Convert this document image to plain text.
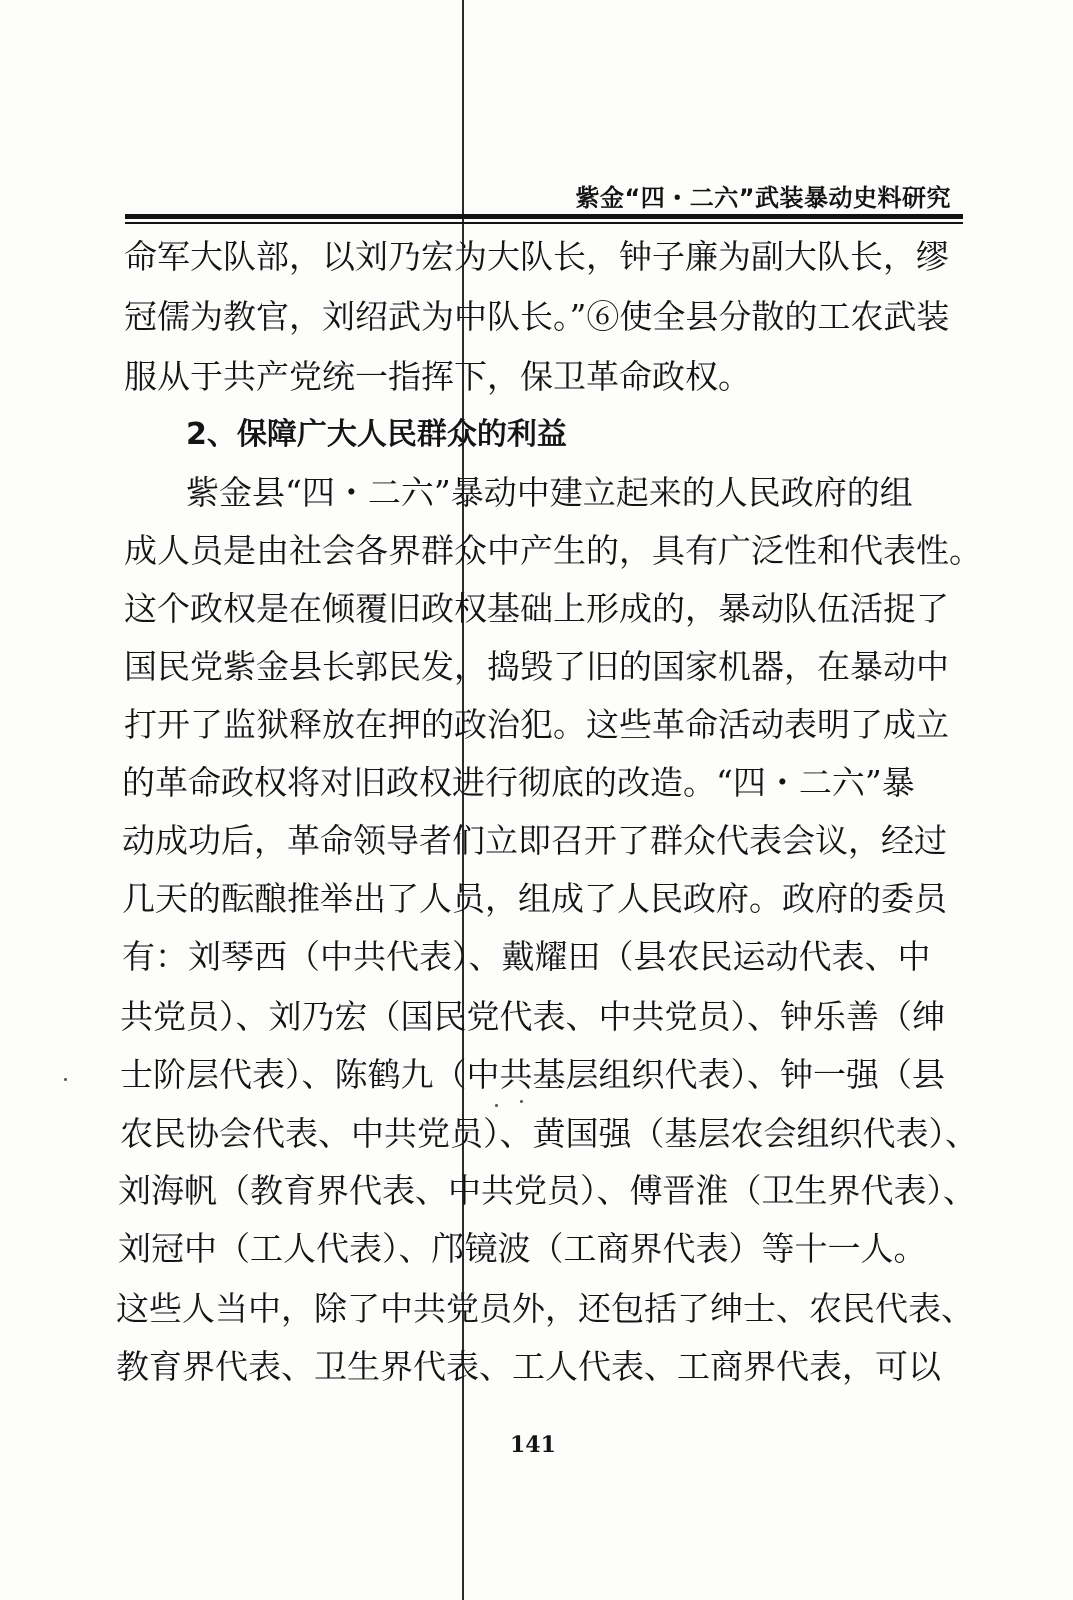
紫金“四・二六”武装暴动史料研究
命军大队部，以刘乃宏为大队长，钟子廉为副大队长，缪
冠儒为教官，刘绍武为中队长。”⑥使全县分散的工农武装
服从于共产党统一指挥下，保卫革命政权。
2、保障广大人民群众的利益
紫金县“四・二六”暴动中建立起来的人民政府的组
成人员是由社会各界群众中产生的，具有广泛性和代表性。
这个政权是在倾覆旧政权基础上形成的，暴动队伍活捉了
国民党紫金县长郭民发，捣毁了旧的国家机器，在暴动中
打开了监狱释放在押的政治犯。这些革命活动表明了成立
的革命政权将对旧政权进行彻底的改造。“四・二六”暴
动成功后，革命领导者们立即召开了群众代表会议，经过
几天的酝酿推举出了人员，组成了人民政府。政府的委员
有：刘琴西（中共代表）、戴耀田（县农民运动代表、中
共党员）、刘乃宏（国民党代表、中共党员）、钟乐善（绅
士阶层代表）、陈鹤九（中共基层组织代表）、钟一强（县
农民协会代表、中共党员）、黄国强（基层农会组织代表）、
刘海帆（教育界代表、中共党员）、傅晋淮（卫生界代表）、
刘冠中（工人代表）、邝镜波（工商界代表）等十一人。
这些人当中，除了中共党员外，还包括了绅士、农民代表、
教育界代表、卫生界代表、工人代表、工商界代表，可以
141
